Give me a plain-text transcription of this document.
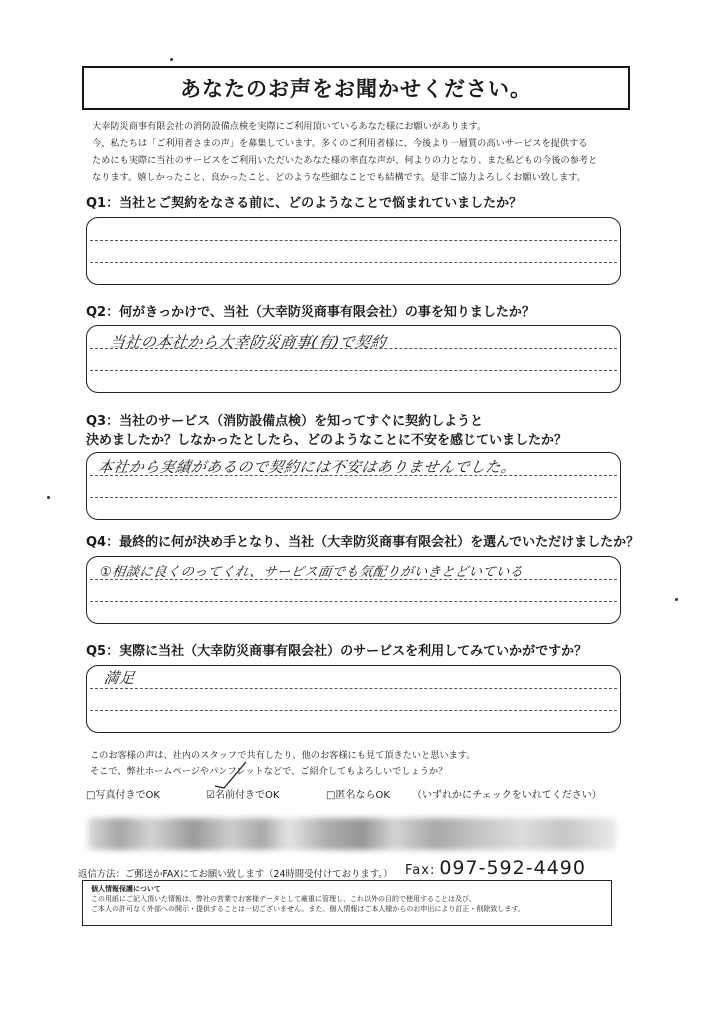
あなたのお声をお聞かせください。
大幸防災商事有限会社の消防設備点検を実際にご利用頂いているあなた様にお願いがあります。
今、私たちは「ご利用者さまの声」を募集しています。多くのご利用者様に、今後より一層質の高いサービスを提供する
ためにも実際に当社のサービスをご利用いただいたあなた様の率直な声が、何よりの力となり、また私どもの今後の参考と
なります。嬉しかったこと、良かったこと、どのような些細なことでも結構です。是非ご協力よろしくお願い致します。
Q1：当社とご契約をなさる前に、どのようなことで悩まれていましたか？
Q2：何がきっかけで、当社（大幸防災商事有限会社）の事を知りましたか？
当社の本社から大幸防災商事(有)で契約
Q3：当社のサービス（消防設備点検）を知ってすぐに契約しようと
決めましたか？しなかったとしたら、どのようなことに不安を感じていましたか？
本社から実績があるので契約には不安はありませんでした。
Q4：最終的に何が決め手となり、当社（大幸防災商事有限会社）を選んでいただけましたか？
①相談に良くのってくれ、サービス面でも気配りがいきとどいている
Q5：実際に当社（大幸防災商事有限会社）のサービスを利用してみていかがですか？
満足
このお客様の声は、社内のスタッフで共有したり、他のお客様にも見て頂きたいと思います。
そこで、弊社ホームページやパンフレットなどで、ご紹介してもよろしいでしょうか？
□写真付きでOK	☑名前付きでOK	□匿名ならOK （いずれかにチェックをいれてください）
返信方法：ご郵送かFAXにてお願い致します（24時間受付けております。） Fax: 097-592-4490
個人情報保護について
この用紙にご記入頂いた情報は、弊社の営業でお客様データとして厳重に管理し、これ以外の目的で使用することは及び、
ご本人の許可なく外部への開示・提供することは一切ございません。また、個人情報はご本人様からのお申出により訂正・削除致します。
